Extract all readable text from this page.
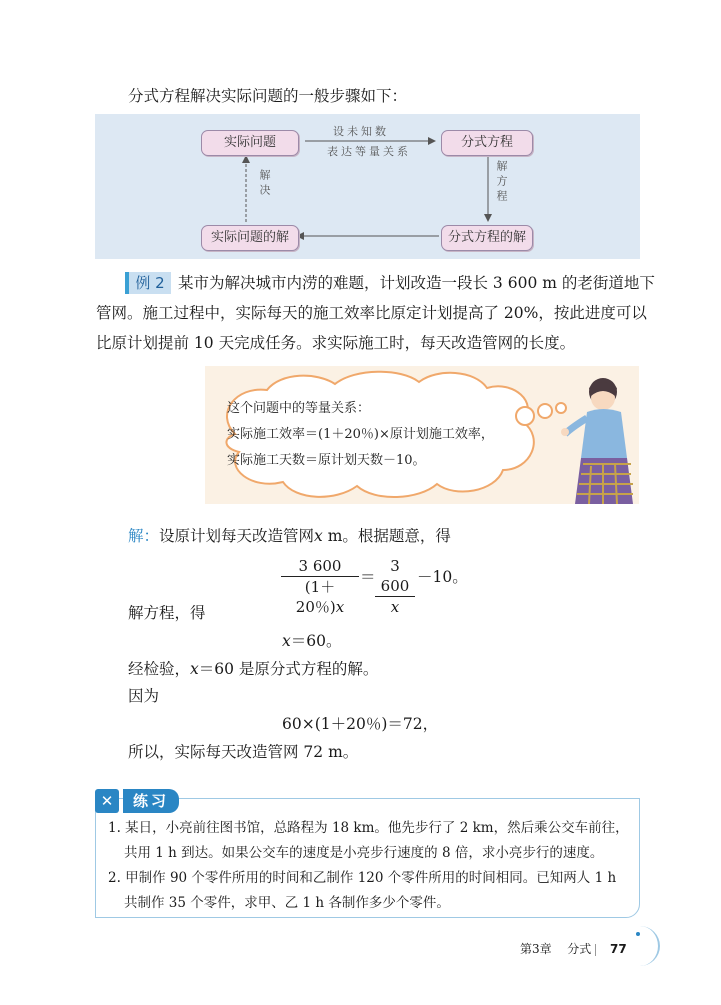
分式方程解决实际问题的一般步骤如下：
实际问题	分式方程
实际问题的解	分式方程的解
设未知数
表达等量关系
解方程
解决
例 2 某市为解决城市内涝的难题，计划改造一段长 3 600 m 的老街道地下
管网。施工过程中，实际每天的施工效率比原定计划提高了 20%，按此进度可以
比原计划提前 10 天完成任务。求实际施工时，每天改造管网的长度。
这个问题中的等量关系：
实际施工效率＝(1＋20％)×原计划施工效率，
实际施工天数＝原计划天数－10。
解：设原计划每天改造管网x m。根据题意，得
3 600
(1＋20％)x
＝
3 600
x
－10。
解方程，得
x＝60。
经检验，x＝60 是原分式方程的解。
因为
60×(1＋20％)＝72，
所以，实际每天改造管网 72 m。
✕ 练习
1. 某日，小亮前往图书馆，总路程为 18 km。他先步行了 2 km，然后乘公交车前往，
共用 1 h 到达。如果公交车的速度是小亮步行速度的 8 倍，求小亮步行的速度。
2. 甲制作 90 个零件所用的时间和乙制作 120 个零件所用的时间相同。已知两人 1 h
共制作 35 个零件，求甲、乙 1 h 各制作多少个零件。
第3章 分式 77
